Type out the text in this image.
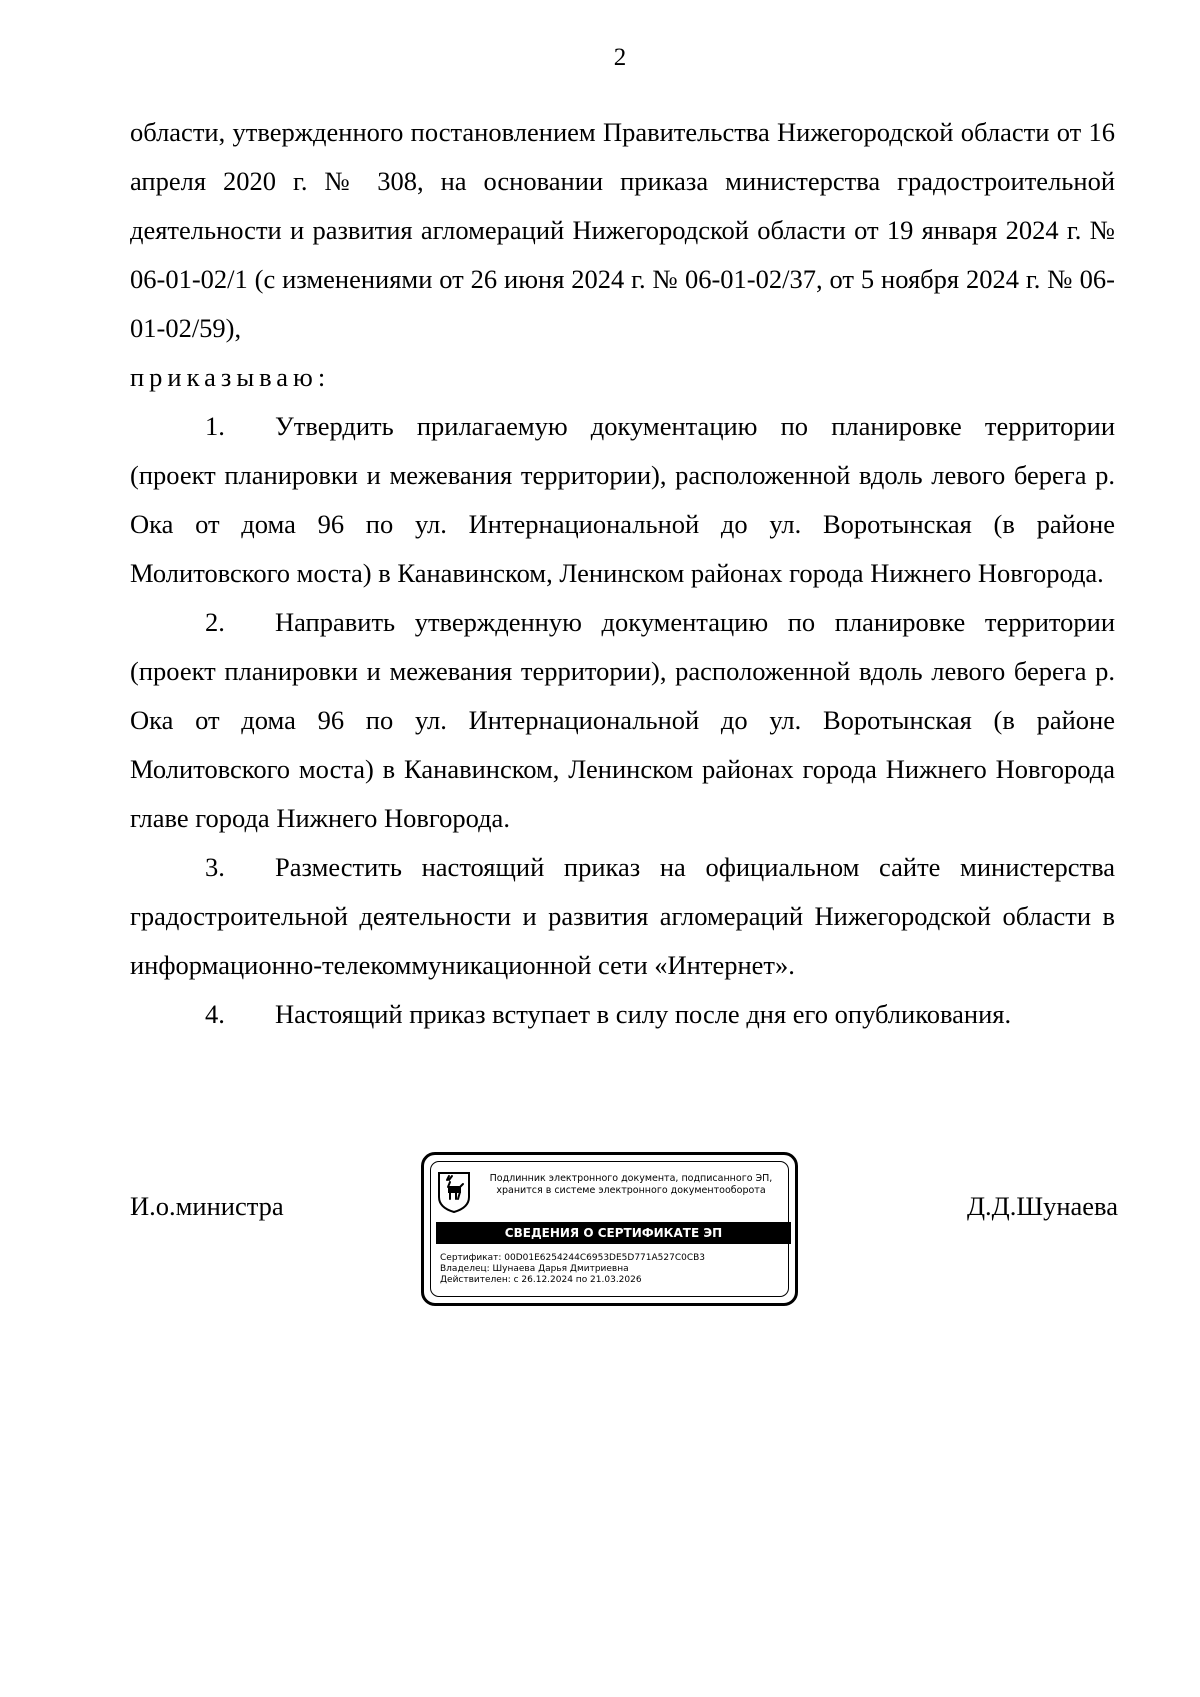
2

области, утвержденного постановлением Правительства Нижегородской области от 16 апреля 2020 г. № 308, на основании приказа министерства градостроительной деятельности и развития агломераций Нижегородской области от 19 января 2024 г. № 06-01-02/1 (с изменениями от 26 июня 2024 г. № 06-01-02/37, от 5 ноября 2024 г. № 06-01-02/59),

приказываю:

1. Утвердить прилагаемую документацию по планировке территории (проект планировки и межевания территории), расположенной вдоль левого берега р. Ока от дома 96 по ул. Интернациональной до ул. Воротынская (в районе Молитовского моста) в Канавинском, Ленинском районах города Нижнего Новгорода.

2. Направить утвержденную документацию по планировке территории (проект планировки и межевания территории), расположенной вдоль левого берега р. Ока от дома 96 по ул. Интернациональной до ул. Воротынская (в районе Молитовского моста) в Канавинском, Ленинском районах города Нижнего Новгорода главе города Нижнего Новгорода.

3. Разместить настоящий приказ на официальном сайте министерства градостроительной деятельности и развития агломераций Нижегородской области в информационно-телекоммуникационной сети «Интернет».

4. Настоящий приказ вступает в силу после дня его опубликования.

И.о.министра
Подлинник электронного документа, подписанного ЭП,
хранится в системе электронного документооборота
СВЕДЕНИЯ О СЕРТИФИКАТЕ ЭП
Сертификат: 00D01E6254244C6953DE5D771A527C0CB3
Владелец: Шунаева Дарья Дмитриевна
Действителен: с 26.12.2024 по 21.03.2026
Д.Д.Шунаева
